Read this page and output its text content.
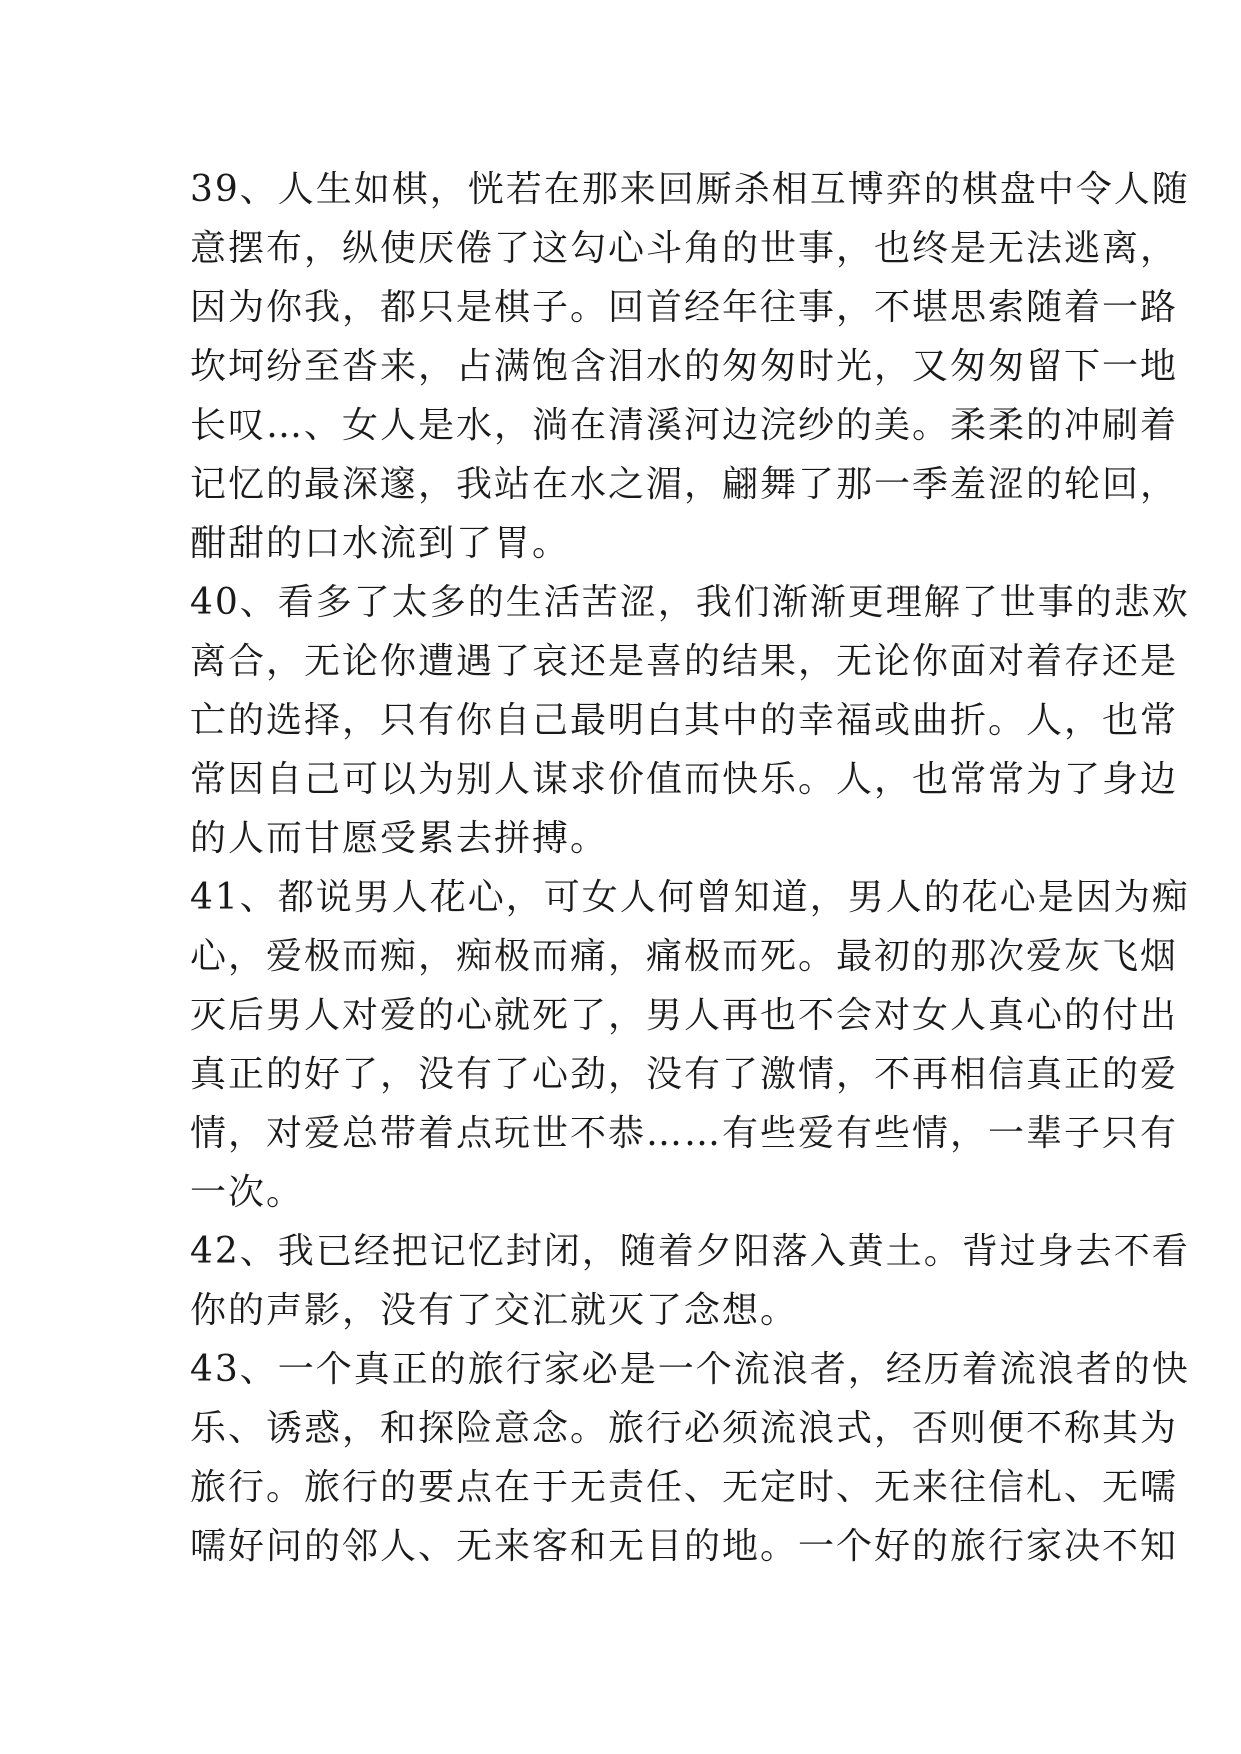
39、人生如棋，恍若在那来回厮杀相互博弈的棋盘中令人随
意摆布，纵使厌倦了这勾心斗角的世事，也终是无法逃离，
因为你我，都只是棋子。回首经年往事，不堪思索随着一路
坎坷纷至沓来，占满饱含泪水的匆匆时光，又匆匆留下一地
长叹…、女人是水，淌在清溪河边浣纱的美。柔柔的冲刷着
记忆的最深邃，我站在水之湄，翩舞了那一季羞涩的轮回，
酣甜的口水流到了胃。
40、看多了太多的生活苦涩，我们渐渐更理解了世事的悲欢
离合，无论你遭遇了哀还是喜的结果，无论你面对着存还是
亡的选择，只有你自己最明白其中的幸福或曲折。人，也常
常因自己可以为别人谋求价值而快乐。人，也常常为了身边
的人而甘愿受累去拼搏。
41、都说男人花心，可女人何曾知道，男人的花心是因为痴
心，爱极而痴，痴极而痛，痛极而死。最初的那次爱灰飞烟
灭后男人对爱的心就死了，男人再也不会对女人真心的付出
真正的好了，没有了心劲，没有了激情，不再相信真正的爱
情，对爱总带着点玩世不恭……有些爱有些情，一辈子只有
一次。
42、我已经把记忆封闭，随着夕阳落入黄土。背过身去不看
你的声影，没有了交汇就灭了念想。
43、一个真正的旅行家必是一个流浪者，经历着流浪者的快
乐、诱惑，和探险意念。旅行必须流浪式，否则便不称其为
旅行。旅行的要点在于无责任、无定时、无来往信札、无嚅
嚅好问的邻人、无来客和无目的地。一个好的旅行家决不知
